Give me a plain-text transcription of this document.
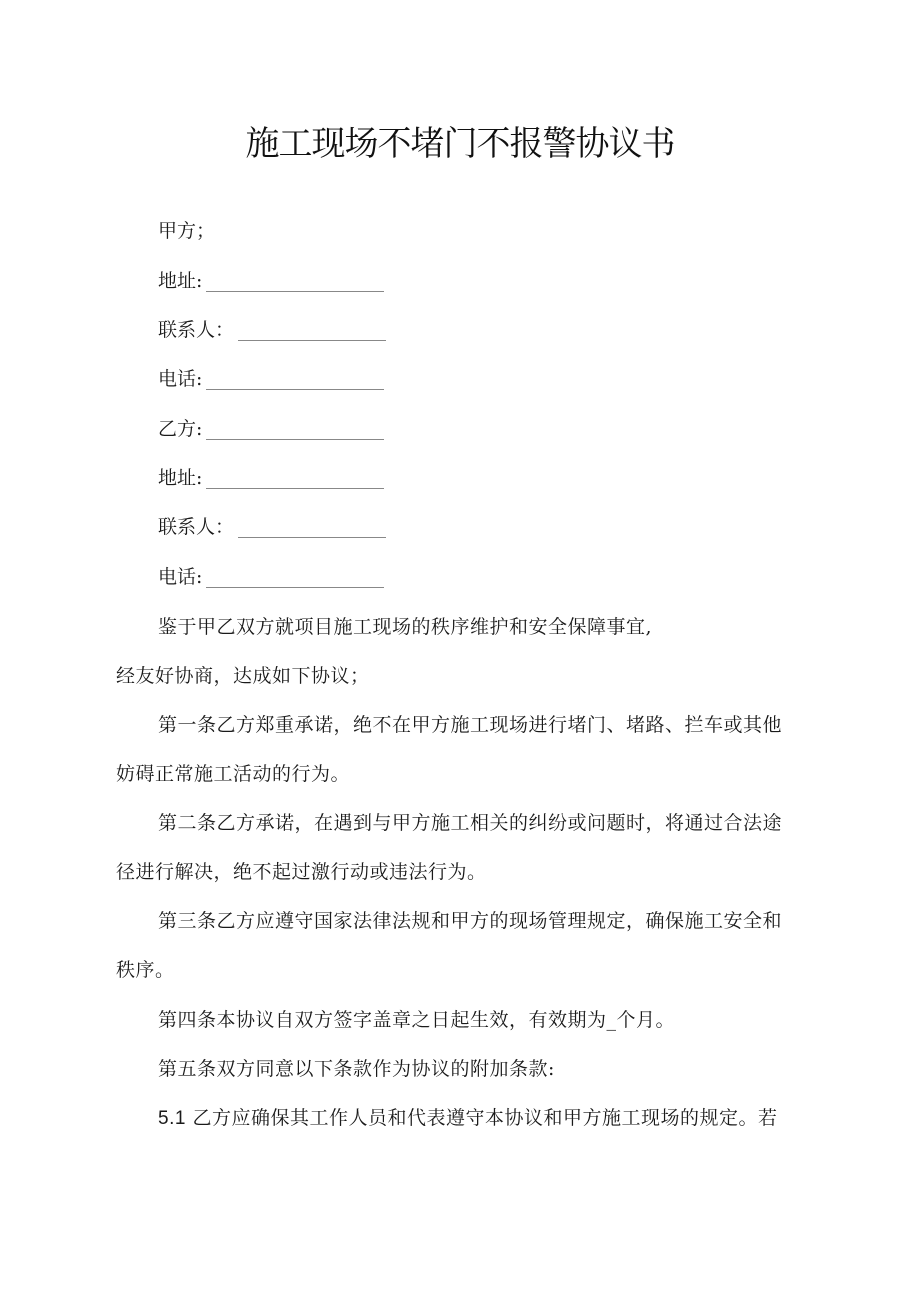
施工现场不堵门不报警协议书
甲方；
地址:
联系人：
电话:
乙方:
地址:
联系人：
电话:
鉴于甲乙双方就项目施工现场的秩序维护和安全保障事宜,
经友好协商，达成如下协议；
第一条乙方郑重承诺，绝不在甲方施工现场进行堵门、堵路、拦车或其他
妨碍正常施工活动的行为。
第二条乙方承诺，在遇到与甲方施工相关的纠纷或问题时，将通过合法途
径进行解决，绝不起过激行动或违法行为。
第三条乙方应遵守国家法律法规和甲方的现场管理规定，确保施工安全和
秩序。
第四条本协议自双方签字盖章之日起生效，有效期为_个月。
第五条双方同意以下条款作为协议的附加条款:
5.1 乙方应确保其工作人员和代表遵守本协议和甲方施工现场的规定。若
